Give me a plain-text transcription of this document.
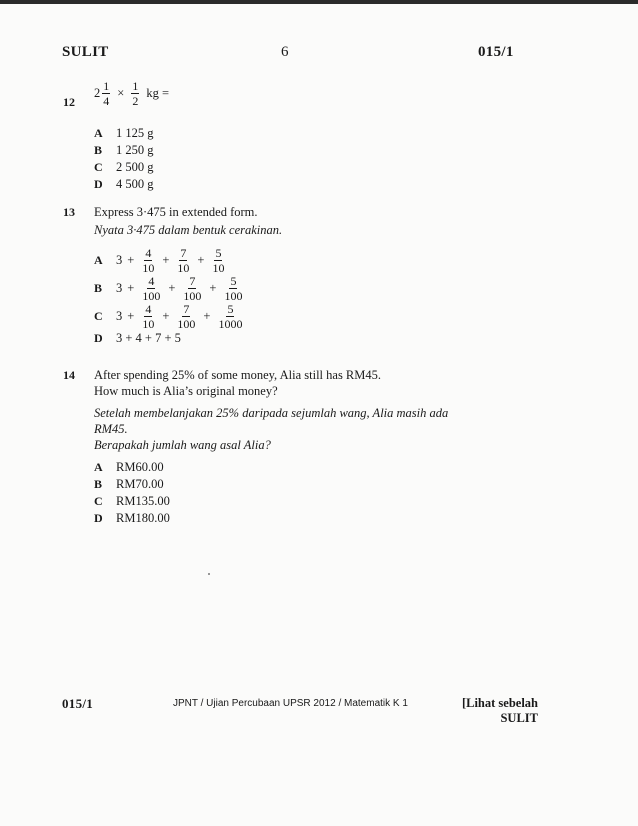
SULIT	6	015/1
12
$2 \frac{1}{4} \times \frac{1}{2}$ kg =
A 1 125 g
B 1 250 g
C 2 500 g
D 4 500 g
13 Express 3·475 in extended form.
Nyata 3·475 dalam bentuk cerakinan.
A	$3 + \frac{4}{10} + \frac{7}{10} + \frac{5}{10}$
B	$3 + \frac{4}{100} + \frac{7}{100} + \frac{5}{100}$
C	$3 + \frac{4}{10} + \frac{7}{100} + \frac{5}{1000}$
D 3 + 4 + 7 + 5
14 After spending 25% of some money, Alia still has RM45.
How much is Alia’s original money?
Setelah membelanjakan 25% daripada sejumlah wang, Alia masih ada
RM45.
Berapakah jumlah wang asal Alia?
A RM60.00
B RM70.00
C RM135.00
D RM180.00
015/1	JPNT / Ujian Percubaan UPSR 2012 / Matematik K 1	[Lihat sebelah
SULIT
